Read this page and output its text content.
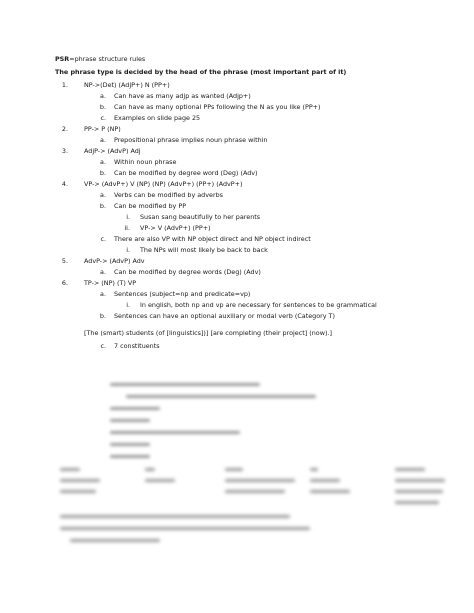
PSR=phrase structure rules
The phrase type is decided by the head of the phrase (most important part of it)
1.	NP->(Det) (AdjP+) N (PP+)
a. Can have as many adjp as wanted (Adjp+)
b. Can have as many optional PPs following the N as you like (PP+)
c. Examples on slide page 25
2.	PP-> P (NP)
a. Prepositional phrase implies noun phrase within
3.	AdjP-> (AdvP) Adj
a. Within noun phrase
b. Can be modified by degree word (Deg) (Adv)
4.	VP-> (AdvP+) V (NP) (NP) (AdvP+) (PP+) (AdvP+)
a. Verbs can be modified by adverbs
b. Can be modified by PP
i. Susan sang beautifully to her parents
ii. VP-> V (AdvP+) (PP+)
c. There are also VP with NP object direct and NP object indirect
i. The NPs will most likely be back to back
5.	AdvP-> (AdvP) Adv
a. Can be modified by degree words (Deg) (Adv)
6.	TP-> (NP) (T) VP
a. Sentences (subject=np and predicate=vp)
i. In english, both np and vp are necessary for sentences to be grammatical
b. Sentences can have an optional auxiliary or modal verb (Category T)
[The (smart) students (of [linguistics])] [are completing (their project] (now).]
c. 7 constituents
